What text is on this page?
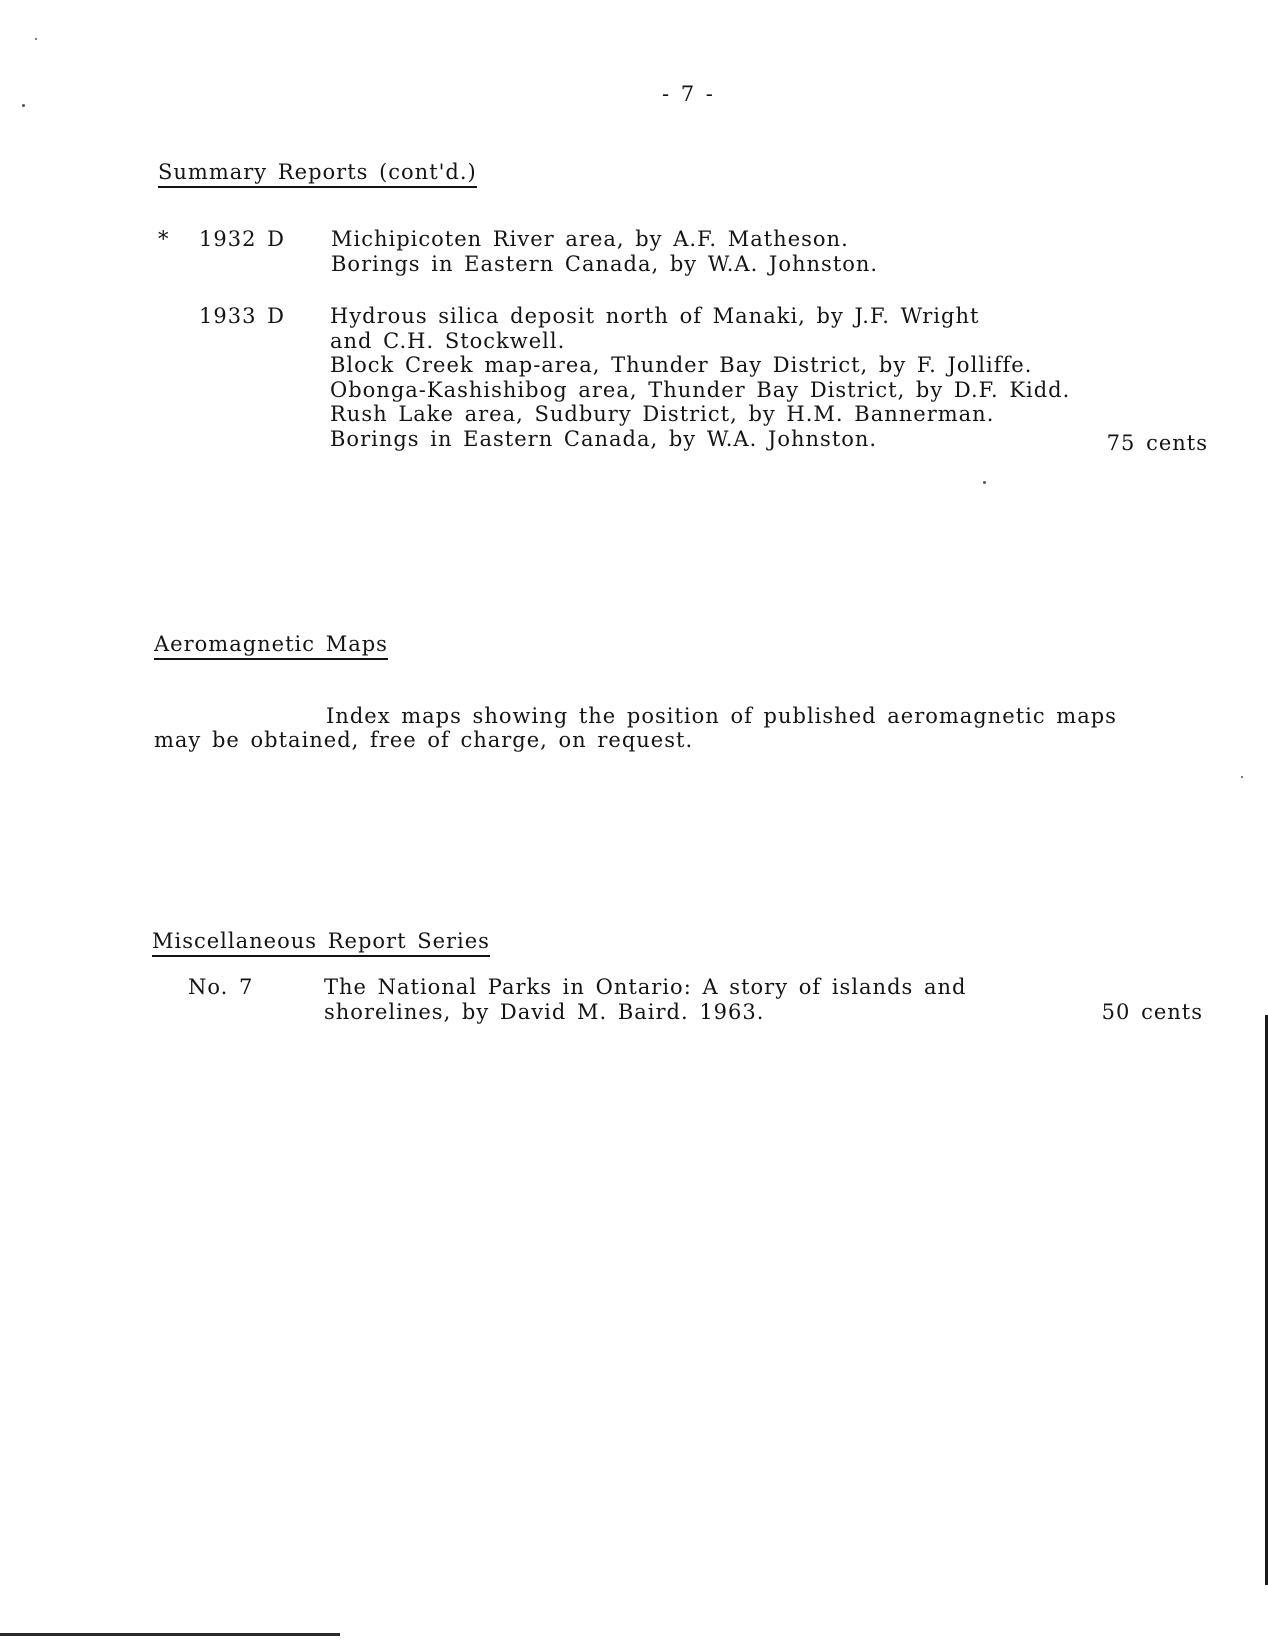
- 7 -
Summary Reports (cont'd.)
* 1932 D Michipicoten River area, by A.F. Matheson.
Borings in Eastern Canada, by W.A. Johnston.
1933 D Hydrous silica deposit north of Manaki, by J.F. Wright
and C.H. Stockwell.
Block Creek map-area, Thunder Bay District, by F. Jolliffe.
Obonga-Kashishibog area, Thunder Bay District, by D.F. Kidd.
Rush Lake area, Sudbury District, by H.M. Bannerman.
Borings in Eastern Canada, by W.A. Johnston.	75 cents
Aeromagnetic Maps
Index maps showing the position of published aeromagnetic maps
may be obtained, free of charge, on request.
Miscellaneous Report Series
No. 7	The National Parks in Ontario: A story of islands and
shorelines, by David M. Baird. 1963.	50 cents
